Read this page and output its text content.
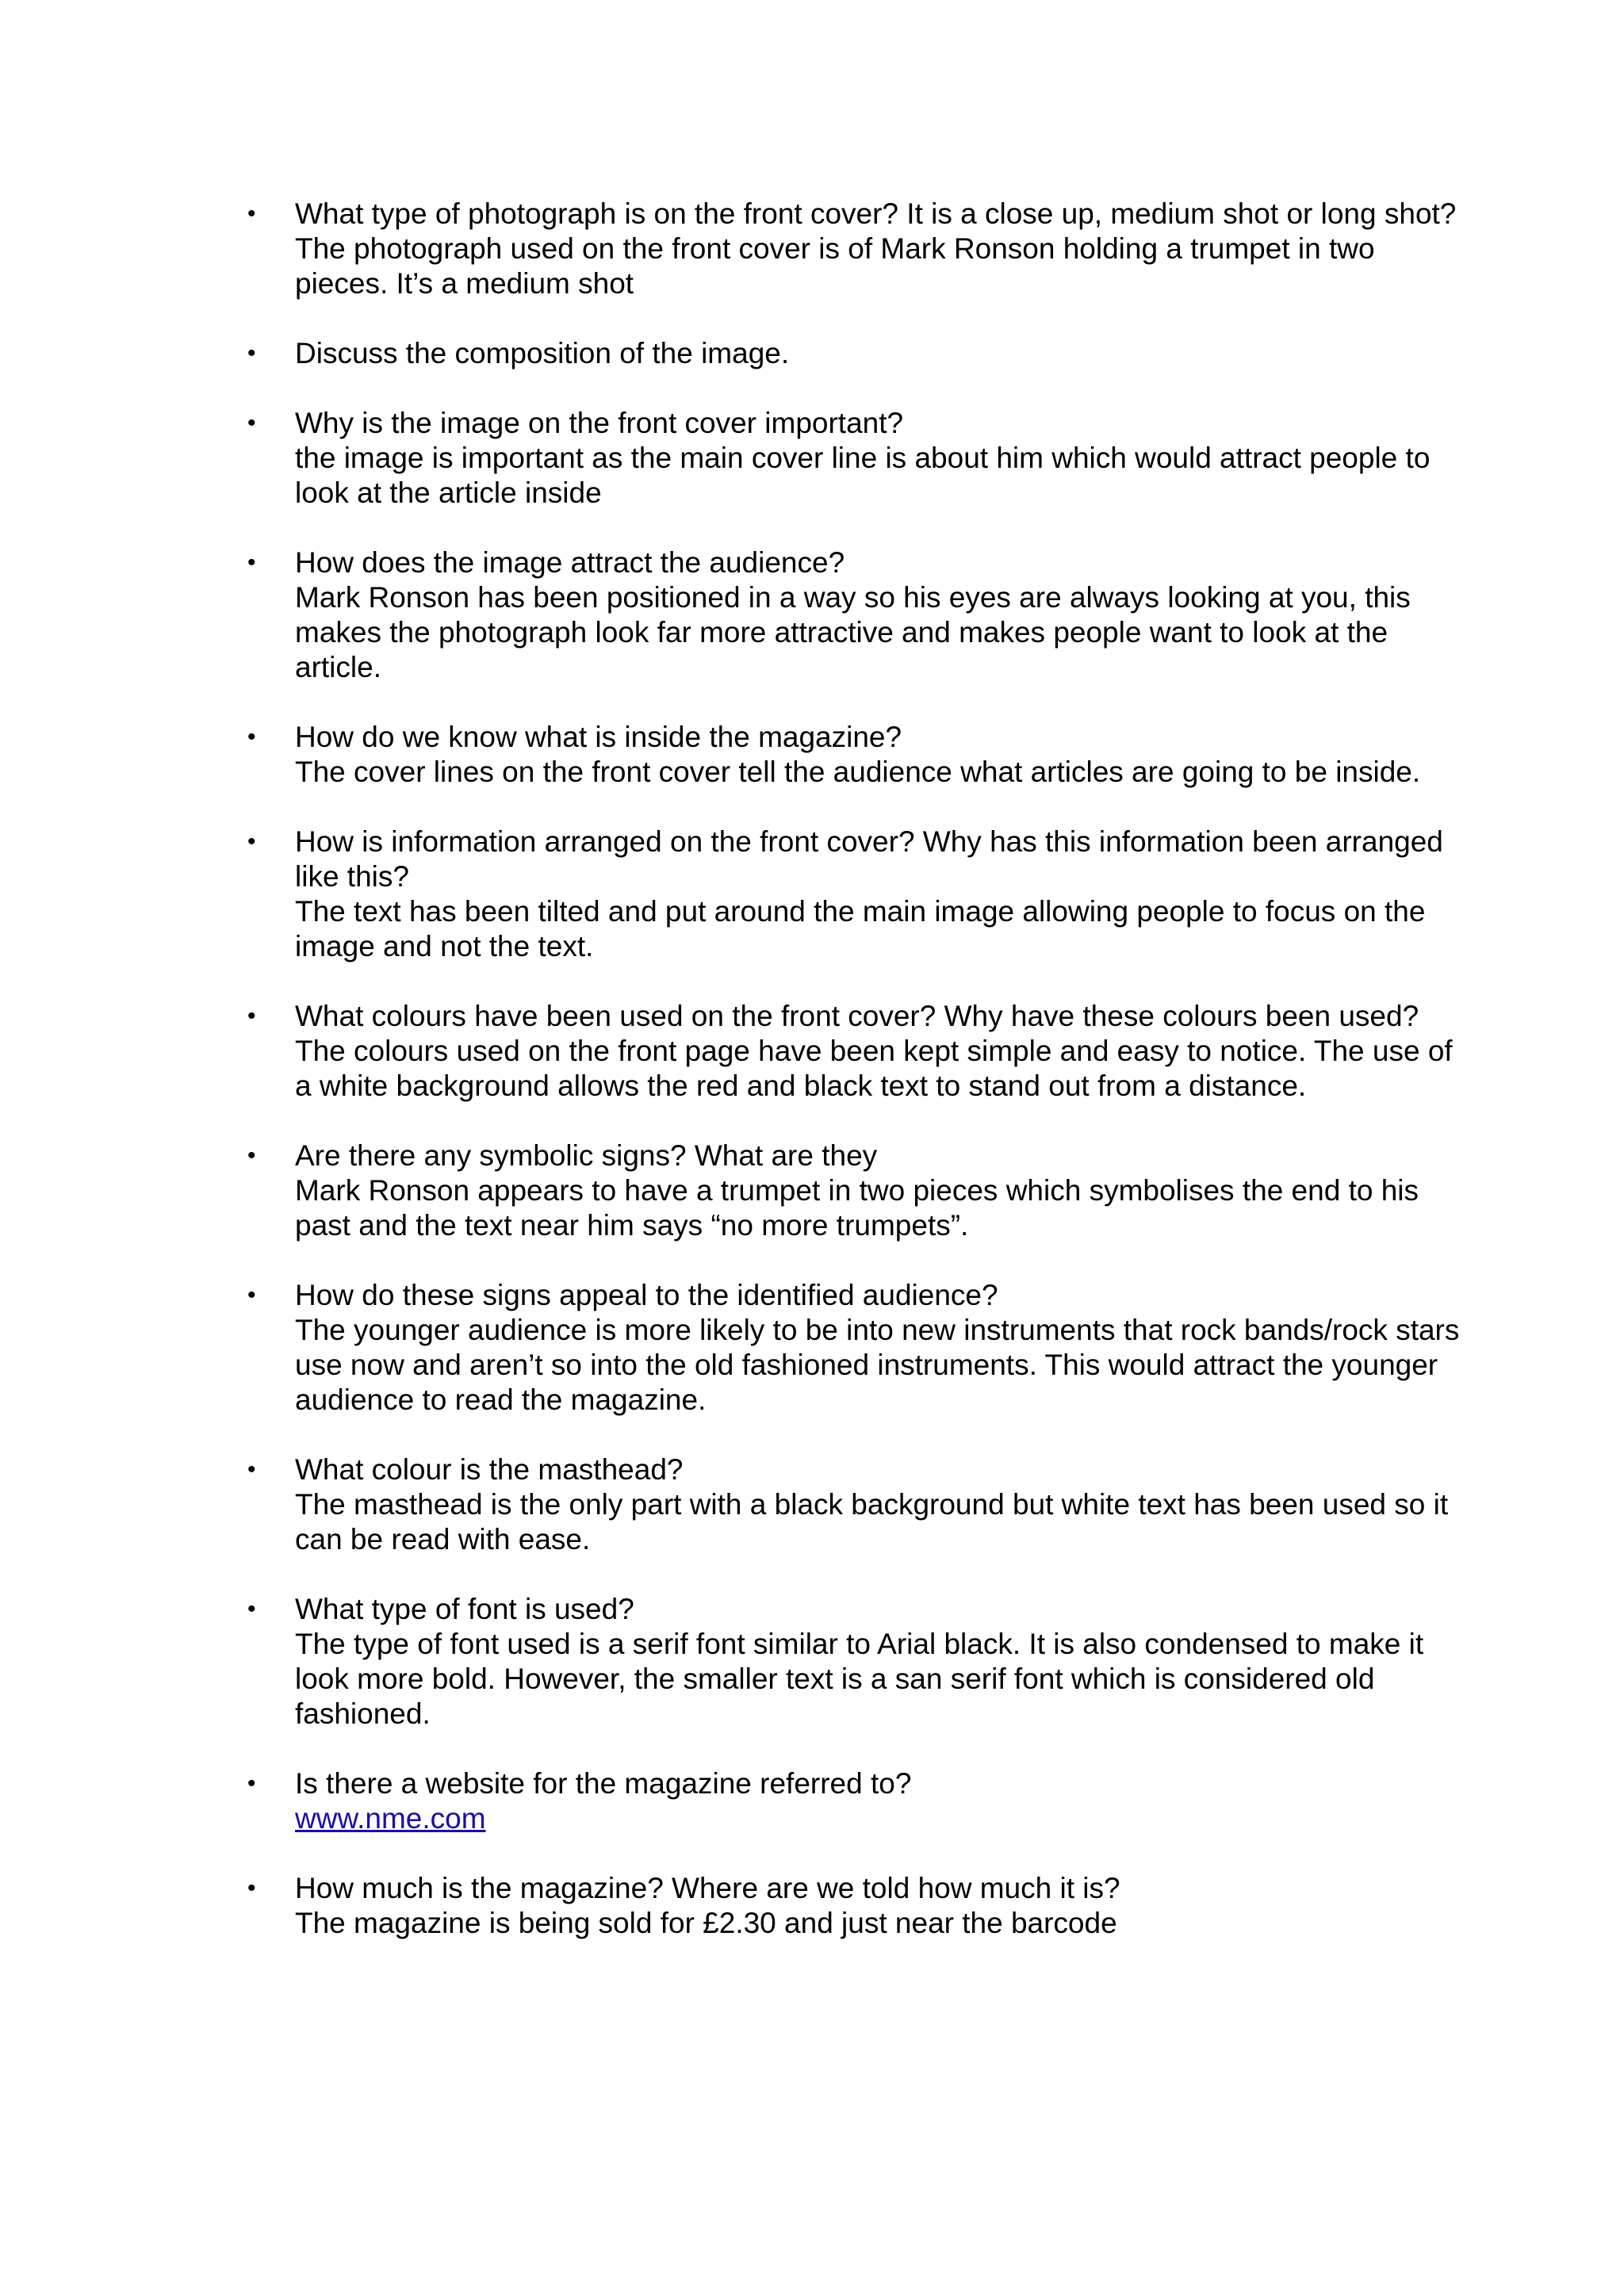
•	What type of photograph is on the front cover? It is a close up, medium shot or long shot?
The photograph used on the front cover is of Mark Ronson holding a trumpet in two pieces. It’s a medium shot
•	Discuss the composition of the image.
•	Why is the image on the front cover important?
the image is important as the main cover line is about him which would attract people to look at the article inside
•	How does the image attract the audience?
Mark Ronson has been positioned in a way so his eyes are always looking at you, this makes the photograph look far more attractive and makes people want to look at the article.
•	How do we know what is inside the magazine?
The cover lines on the front cover tell the audience what articles are going to be inside.
•	How is information arranged on the front cover? Why has this information been arranged like this?
The text has been tilted and put around the main image allowing people to focus on the image and not the text.
•	What colours have been used on the front cover? Why have these colours been used?
The colours used on the front page have been kept simple and easy to notice. The use of a white background allows the red and black text to stand out from a distance.
•	Are there any symbolic signs? What are they
Mark Ronson appears to have a trumpet in two pieces which symbolises the end to his past and the text near him says “no more trumpets”.
•	How do these signs appeal to the identified audience?
The younger audience is more likely to be into new instruments that rock bands/rock stars use now and aren’t so into the old fashioned instruments. This would attract the younger audience to read the magazine.
•	What colour is the masthead?
The masthead is the only part with a black background but white text has been used so it can be read with ease.
•	What type of font is used?
The type of font used is a serif font similar to Arial black. It is also condensed to make it look more bold. However, the smaller text is a san serif font which is considered old fashioned.
•	Is there a website for the magazine referred to?
www.nme.com
•	How much is the magazine? Where are we told how much it is?
The magazine is being sold for £2.30 and just near the barcode
